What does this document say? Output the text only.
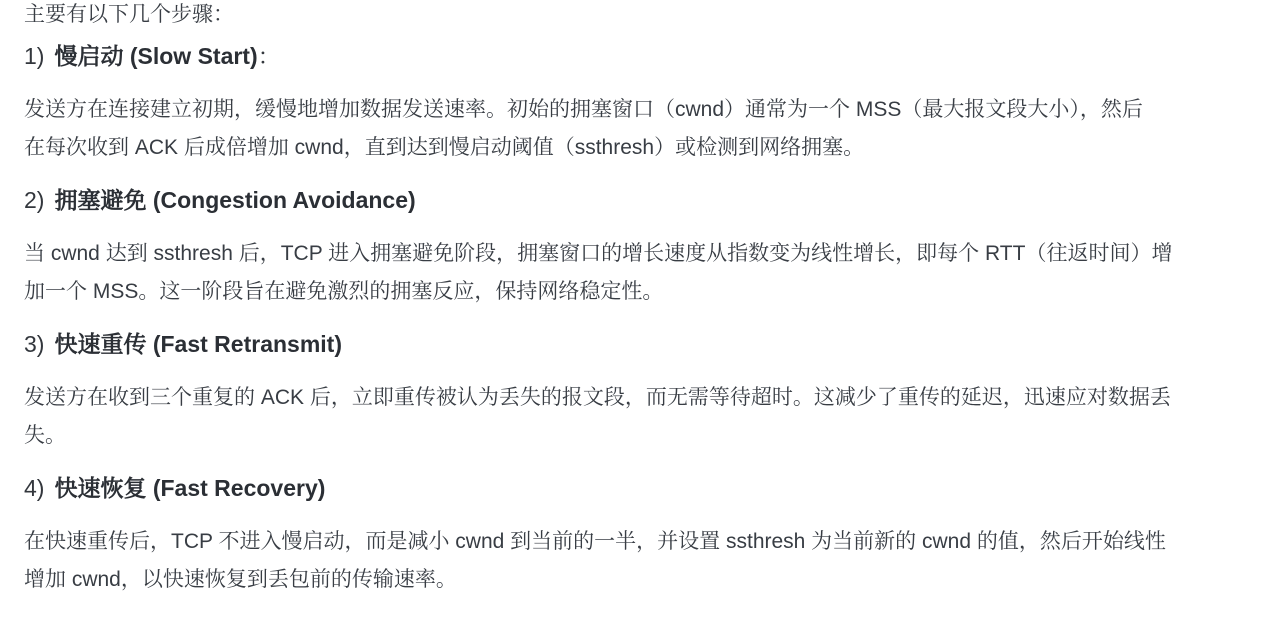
主要有以下几个步骤：

1) 慢启动 (Slow Start)：
发送方在连接建立初期，缓慢地增加数据发送速率。初始的拥塞窗口（cwnd）通常为一个 MSS（最大报文段大小），然后
在每次收到 ACK 后成倍增加 cwnd，直到达到慢启动阈值（ssthresh）或检测到网络拥塞。
2) 拥塞避免 (Congestion Avoidance)
当 cwnd 达到 ssthresh 后，TCP 进入拥塞避免阶段，拥塞窗口的增长速度从指数变为线性增长，即每个 RTT（往返时间）增
加一个 MSS。这一阶段旨在避免激烈的拥塞反应，保持网络稳定性。
3) 快速重传 (Fast Retransmit)
发送方在收到三个重复的 ACK 后，立即重传被认为丢失的报文段，而无需等待超时。这减少了重传的延迟，迅速应对数据丢
失。
4) 快速恢复 (Fast Recovery)
在快速重传后，TCP 不进入慢启动，而是减小 cwnd 到当前的一半，并设置 ssthresh 为当前新的 cwnd 的值，然后开始线性
增加 cwnd，以快速恢复到丢包前的传输速率。
